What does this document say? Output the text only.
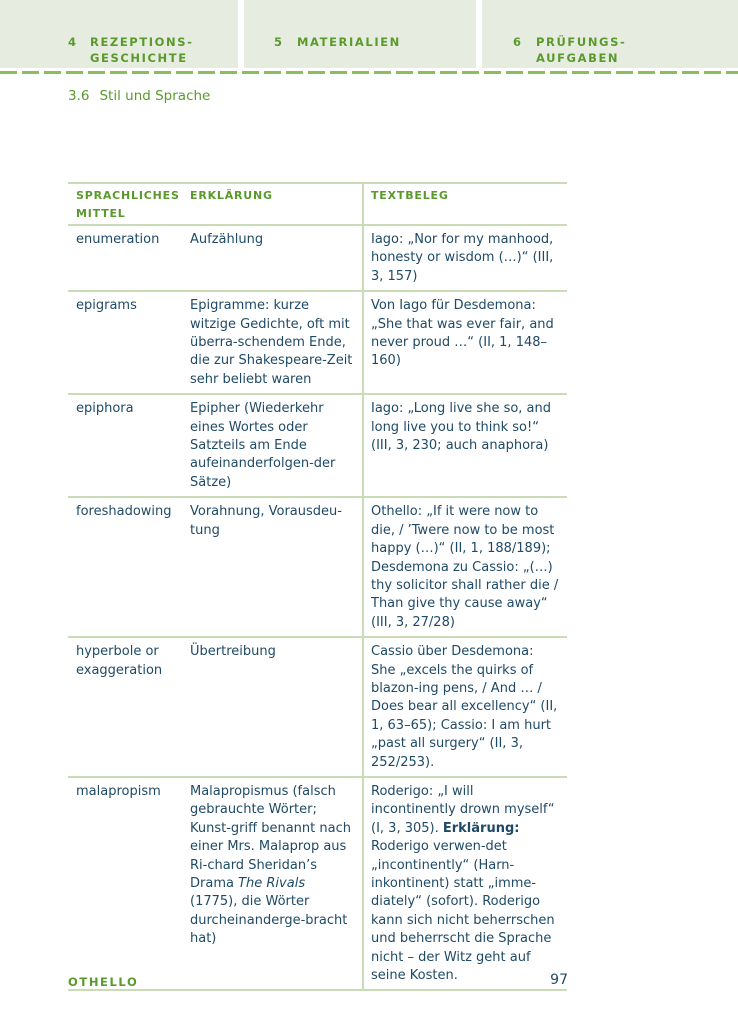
4 REZEPTIONS-
GESCHICHTE
5 MATERIALIEN	6 PRÜFUNGS-
AUFGABEN
3.6 Stil und Sprache
SPRACHLICHES MITTEL	ERKLÄRUNG	TEXTBELEG
enumeration	Aufzählung	Iago: „Nor for my manhood, honesty or wisdom (…)“ (III, 3, 157)
epigrams	Epigramme: kurze witzige Gedichte, oft mit überra-schendem Ende, die zur Shakespeare-Zeit sehr beliebt waren	Von Iago für Desdemona: „She that was ever fair, and never proud …“ (II, 1, 148–160)
epiphora	Epipher (Wiederkehr eines Wortes oder Satzteils am Ende aufeinanderfolgen-der Sätze)	Iago: „Long live she so, and long live you to think so!“ (III, 3, 230; auch anaphora)
foreshadowing	Vorahnung, Vorausdeu-tung	Othello: „If it were now to die, / ’Twere now to be most happy (…)“ (II, 1, 188/189); Desdemona zu Cassio: „(…) thy solicitor shall rather die / Than give thy cause away“ (III, 3, 27/28)
hyperbole or exaggeration	Übertreibung	Cassio über Desdemona: She „excels the quirks of blazon-ing pens, / And … / Does bear all excellency“ (II, 1, 63–65); Cassio: I am hurt „past all surgery“ (II, 3, 252/253).
malapropism	Malapropismus (falsch gebrauchte Wörter; Kunst-griff benannt nach einer Mrs. Malaprop aus Ri-chard Sheridan’s Drama The Rivals (1775), die Wörter durcheinanderge-bracht hat)	Roderigo: „I will incontinently drown myself“ (I, 3, 305). Erklärung: Roderigo verwen-det „incontinently“ (Harn-inkontinent) statt „imme-diately“ (sofort). Roderigo kann sich nicht beherrschen und beherrscht die Sprache nicht – der Witz geht auf seine Kosten.
OTHELLO	97
